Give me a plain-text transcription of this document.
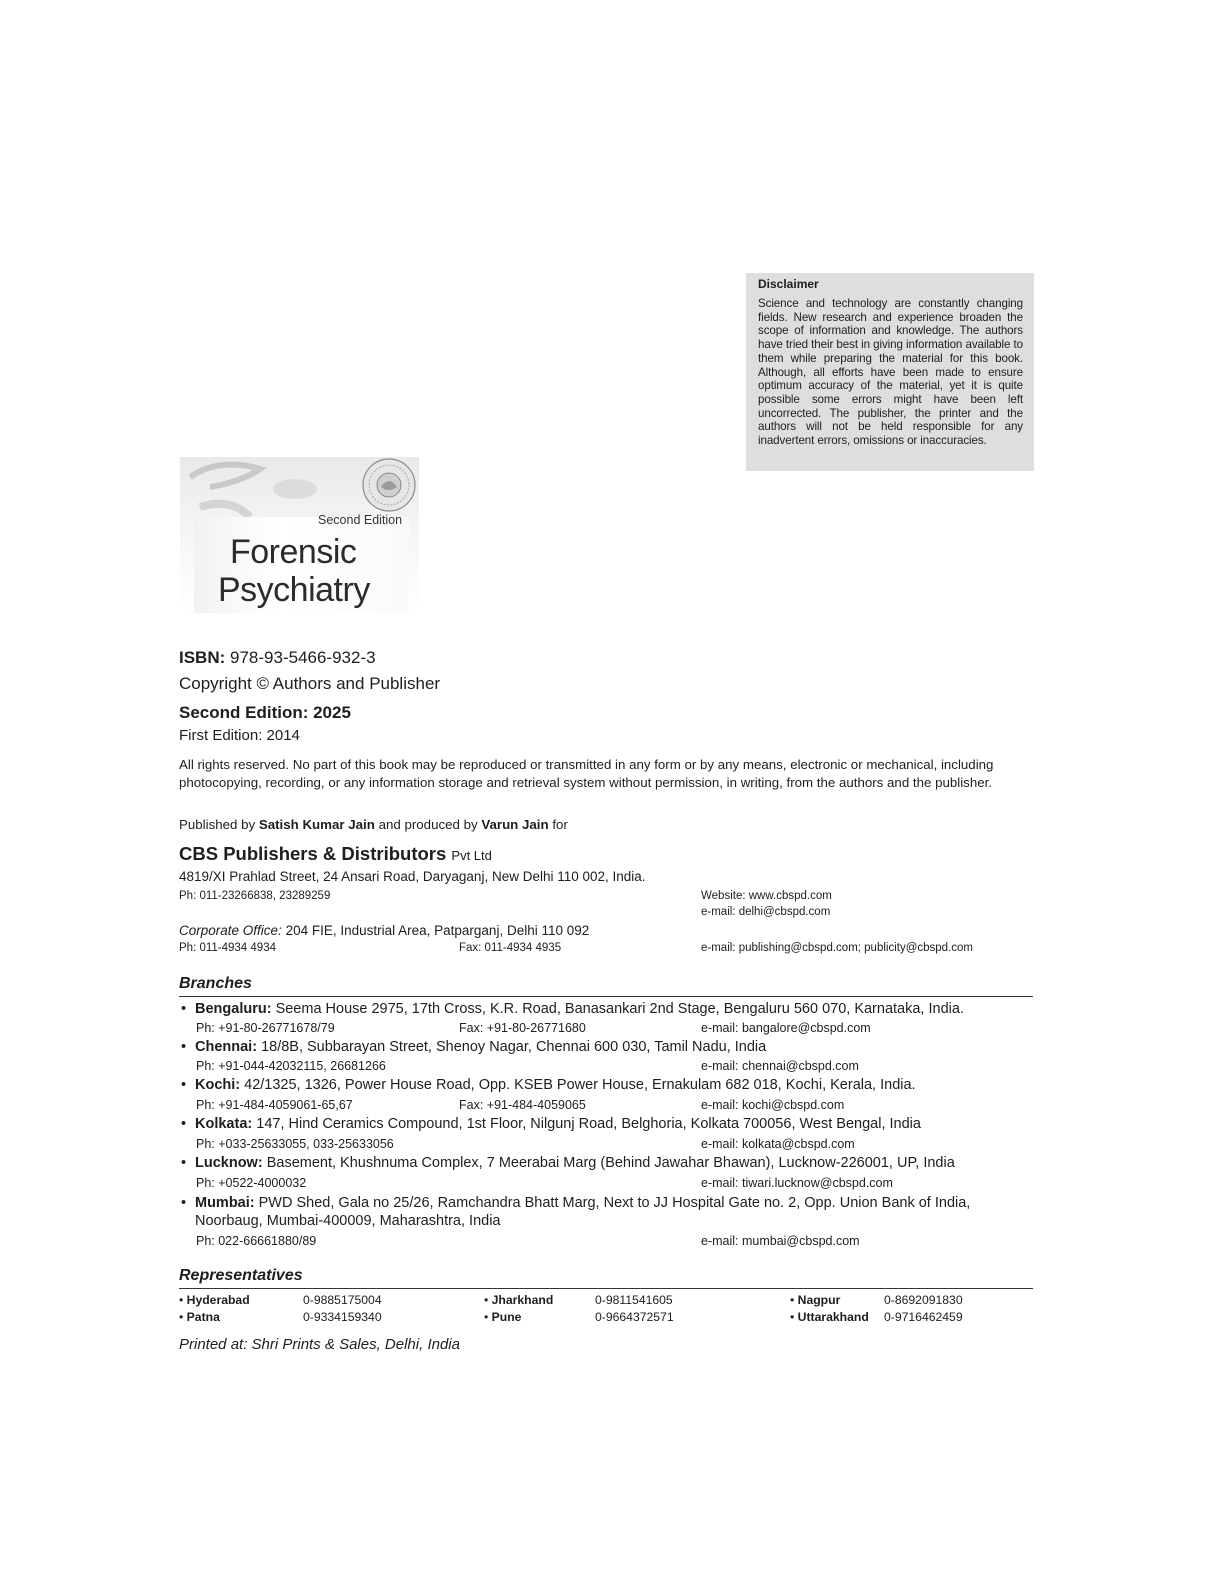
Disclaimer

Science and technology are constantly changing fields. New research and experience broaden the scope of information and knowledge. The authors have tried their best in giving information available to them while preparing the material for this book. Although, all efforts have been made to ensure optimum accuracy of the material, yet it is quite possible some errors might have been left uncorrected. The publisher, the printer and the authors will not be held responsible for any inadvertent errors, omissions or inaccuracies.

Second Edition
Forensic
Psychiatry
ISBN: 978-93-5466-932-3
Copyright © Authors and Publisher
Second Edition: 2025
First Edition: 2014
All rights reserved. No part of this book may be reproduced or transmitted in any form or by any means, electronic or mechanical, including photocopying, recording, or any information storage and retrieval system without permission, in writing, from the authors and the publisher.
Published by Satish Kumar Jain and produced by Varun Jain for
CBS Publishers & Distributors Pvt Ltd
4819/XI Prahlad Street, 24 Ansari Road, Daryaganj, New Delhi 110 002, India.
Ph: 011-23266838, 23289259	Website: www.cbspd.com
e-mail: delhi@cbspd.com
Corporate Office: 204 FIE, Industrial Area, Patparganj, Delhi 110 092
Ph: 011-4934 4934	Fax: 011-4934 4935	e-mail: publishing@cbspd.com; publicity@cbspd.com
Branches
• Bengaluru: Seema House 2975, 17th Cross, K.R. Road, Banasankari 2nd Stage, Bengaluru 560 070, Karnataka, India.
Ph: +91-80-26771678/79	Fax: +91-80-26771680	e-mail: bangalore@cbspd.com
• Chennai: 18/8B, Subbarayan Street, Shenoy Nagar, Chennai 600 030, Tamil Nadu, India
Ph: +91-044-42032115, 26681266	e-mail: chennai@cbspd.com
• Kochi: 42/1325, 1326, Power House Road, Opp. KSEB Power House, Ernakulam 682 018, Kochi, Kerala, India.
Ph: +91-484-4059061-65,67	Fax: +91-484-4059065	e-mail: kochi@cbspd.com
• Kolkata: 147, Hind Ceramics Compound, 1st Floor, Nilgunj Road, Belghoria, Kolkata 700056, West Bengal, India
Ph: +033-25633055, 033-25633056	e-mail: kolkata@cbspd.com
• Lucknow: Basement, Khushnuma Complex, 7 Meerabai Marg (Behind Jawahar Bhawan), Lucknow-226001, UP, India
Ph: +0522-4000032	e-mail: tiwari.lucknow@cbspd.com
• Mumbai: PWD Shed, Gala no 25/26, Ramchandra Bhatt Marg, Next to JJ Hospital Gate no. 2, Opp. Union Bank of India,
Noorbaug, Mumbai-400009, Maharashtra, India
Ph: 022-66661880/89	e-mail: mumbai@cbspd.com
Representatives
• Hyderabad	0-9885175004	• Jharkhand	0-9811541605	• Nagpur	0-8692091830
• Patna	0-9334159340	• Pune	0-9664372571	• Uttarakhand 0-9716462459
Printed at: Shri Prints & Sales, Delhi, India
